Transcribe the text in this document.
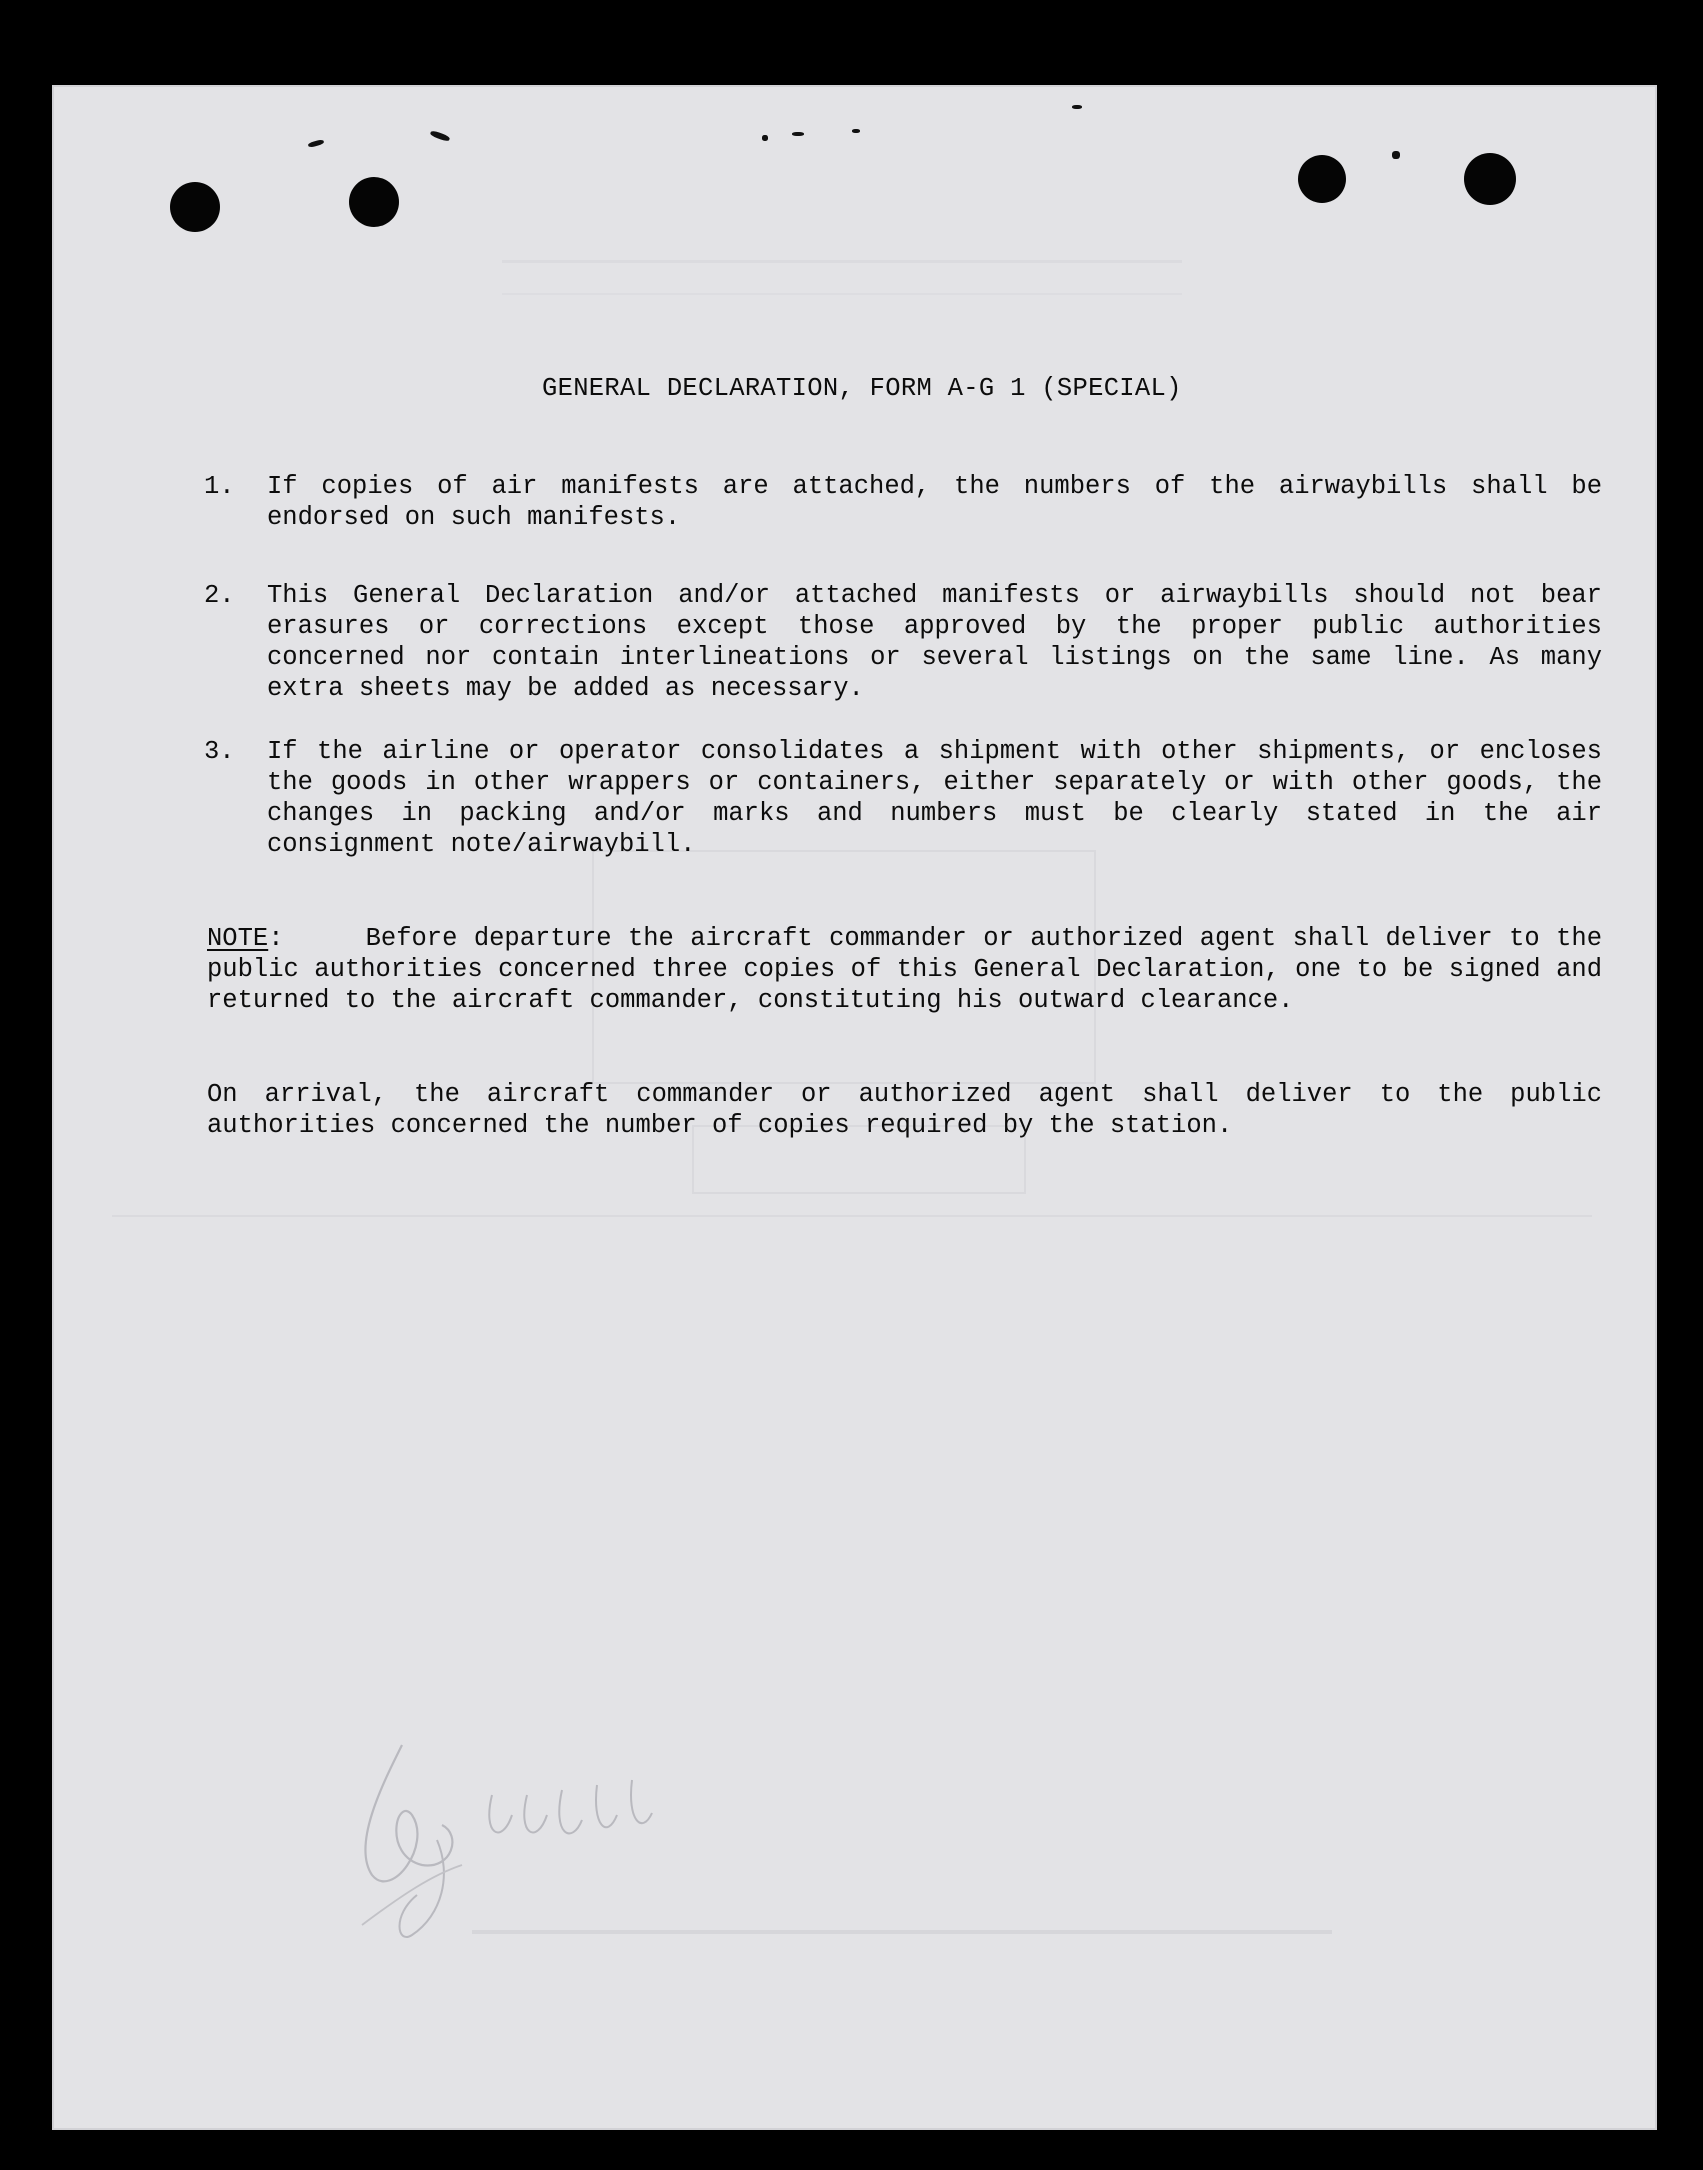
GENERAL DECLARATION, FORM A-G 1 (SPECIAL)
1. If copies of air manifests are attached, the numbers of the airwaybills shall be endorsed on such manifests.
2. This General Declaration and/or attached manifests or airwaybills should not bear erasures or corrections except those approved by the proper public authorities concerned nor contain interlineations or several listings on the same line. As many extra sheets may be added as necessary.
3. If the airline or operator consolidates a shipment with other shipments, or encloses the goods in other wrappers or containers, either separately or with other goods, the changes in packing and/or marks and numbers must be clearly stated in the air consignment note/airwaybill.
NOTE:     Before departure the aircraft commander or authorized agent shall deliver to the public authorities concerned three copies of this General Declaration, one to be signed and returned to the aircraft commander, constituting his outward clearance.
On arrival, the aircraft commander or authorized agent shall deliver to the public authorities concerned the number of copies required by the station.
